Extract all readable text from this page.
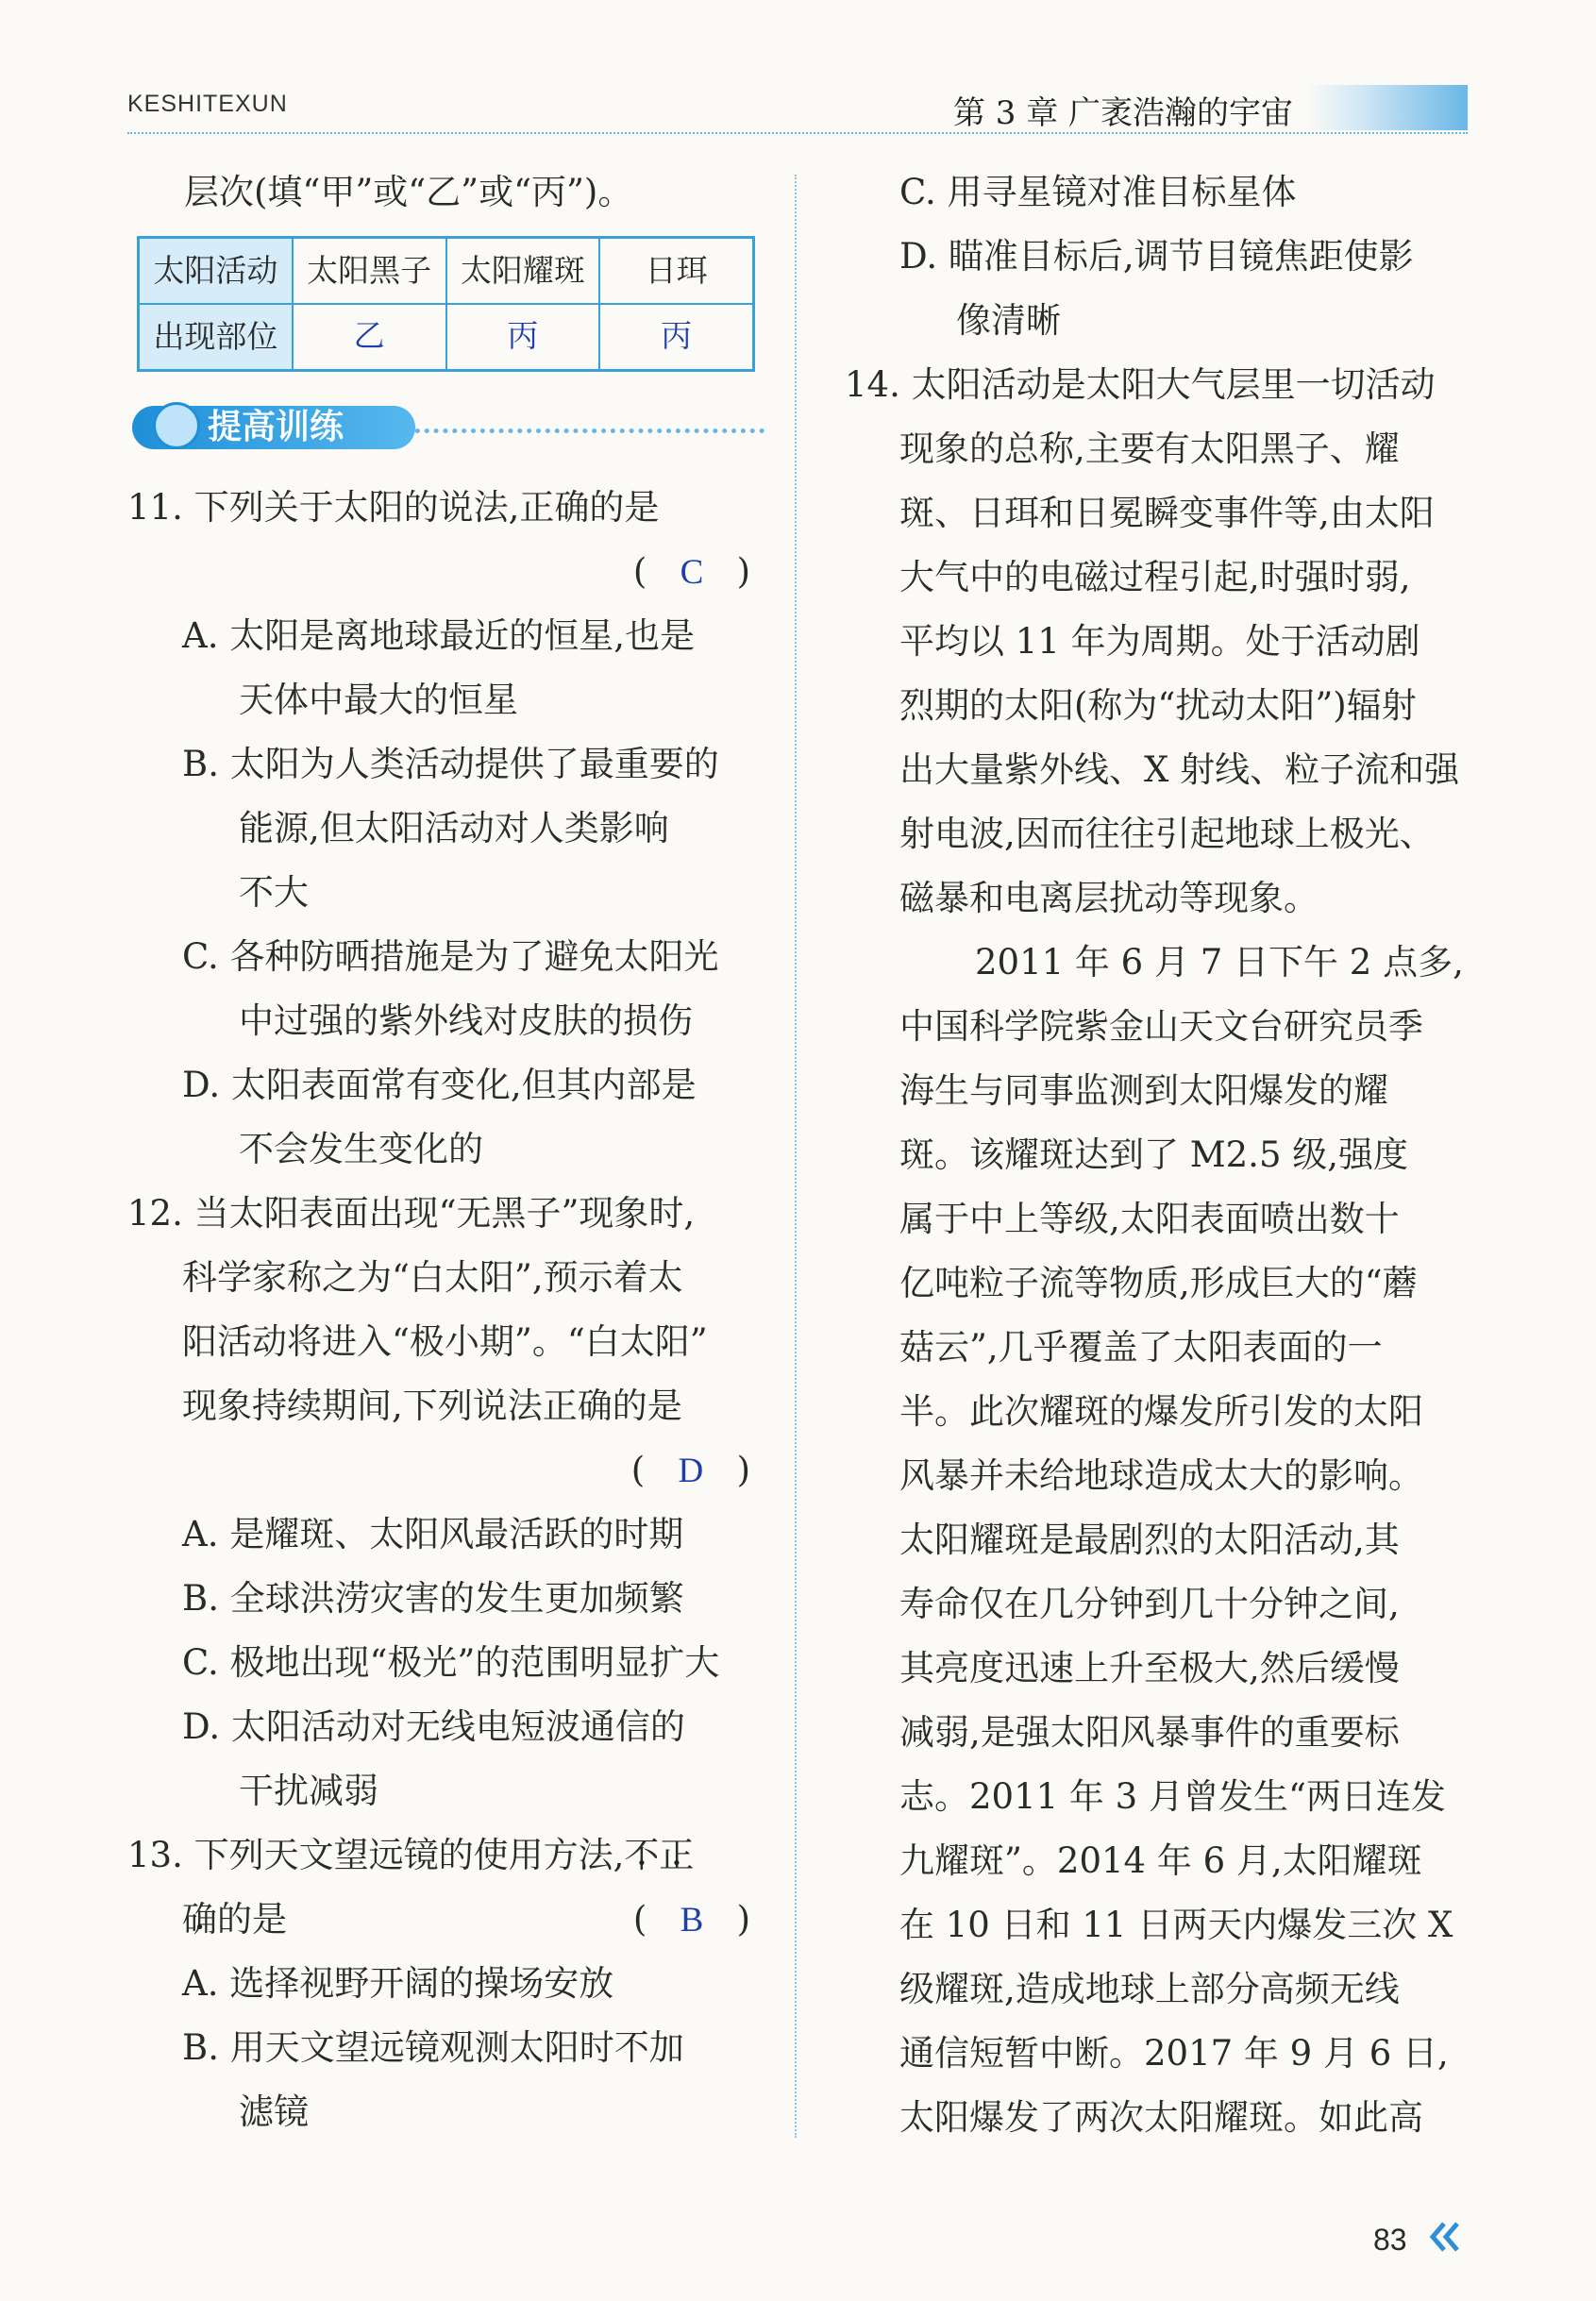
KESHITEXUN	第 3 章 广袤浩瀚的宇宙
层次(填“甲”或“乙”或“丙”)。
太阳活动	太阳黑子	太阳耀斑	日珥
出现部位	乙	丙	丙
提高训练
11. 下列关于太阳的说法,正确的是
( C )
A. 太阳是离地球最近的恒星,也是
天体中最大的恒星
B. 太阳为人类活动提供了最重要的
能源,但太阳活动对人类影响
不大
C. 各种防晒措施是为了避免太阳光
中过强的紫外线对皮肤的损伤
D. 太阳表面常有变化,但其内部是
不会发生变化的
12. 当太阳表面出现“无黑子”现象时,
科学家称之为“白太阳”,预示着太
阳活动将进入“极小期”。“白太阳”
现象持续期间,下列说法正确的是
( D )
A. 是耀斑、太阳风最活跃的时期
B. 全球洪涝灾害的发生更加频繁
C. 极地出现“极光”的范围明显扩大
D. 太阳活动对无线电短波通信的
干扰减弱
13. 下列天文望远镜的使用方法,不 •正 •
确 •的是	( B )
A. 选择视野开阔的操场安放
B. 用天文望远镜观测太阳时不加
滤镜
C. 用寻星镜对准目标星体
D. 瞄准目标后,调节目镜焦距使影
像清晰
14. 太阳活动是太阳大气层里一切活动
现象的总称,主要有太阳黑子、耀
斑、日珥和日冕瞬变事件等,由太阳
大气中的电磁过程引起,时强时弱,
平均以 11 年为周期。处于活动剧
烈期的太阳(称为“扰动太阳”)辐射
出大量紫外线、X 射线、粒子流和强
射电波,因而往往引起地球上极光、
磁暴和电离层扰动等现象。
2011 年 6 月 7 日下午 2 点多,
中国科学院紫金山天文台研究员季
海生与同事监测到太阳爆发的耀
斑。该耀斑达到了 M2.5 级,强度
属于中上等级,太阳表面喷出数十
亿吨粒子流等物质,形成巨大的“蘑
菇云”,几乎覆盖了太阳表面的一
半。此次耀斑的爆发所引发的太阳
风暴并未给地球造成太大的影响。
太阳耀斑是最剧烈的太阳活动,其
寿命仅在几分钟到几十分钟之间,
其亮度迅速上升至极大,然后缓慢
减弱,是强太阳风暴事件的重要标
志。2011 年 3 月曾发生“两日连发
九耀斑”。2014 年 6 月,太阳耀斑
在 10 日和 11 日两天内爆发三次 X
级耀斑,造成地球上部分高频无线
通信短暂中断。2017 年 9 月 6 日,
太阳爆发了两次太阳耀斑。如此高
83
